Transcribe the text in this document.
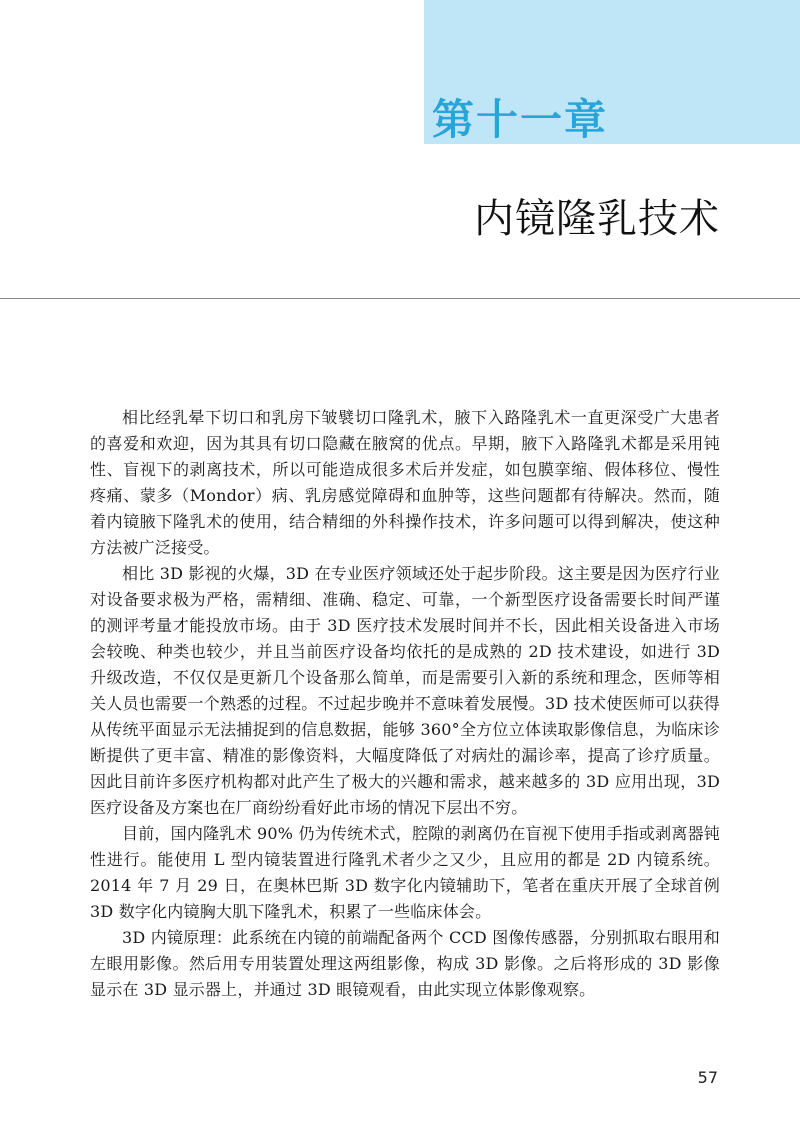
第十一章
内镜隆乳技术

相比经乳晕下切口和乳房下皱襞切口隆乳术，腋下入路隆乳术一直更深受广大患者的喜爱和欢迎，因为其具有切口隐藏在腋窝的优点。早期，腋下入路隆乳术都是采用钝性、盲视下的剥离技术，所以可能造成很多术后并发症，如包膜挛缩、假体移位、慢性疼痛、蒙多（Mondor）病、乳房感觉障碍和血肿等，这些问题都有待解决。然而，随着内镜腋下隆乳术的使用，结合精细的外科操作技术，许多问题可以得到解决，使这种方法被广泛接受。

相比 3D 影视的火爆，3D 在专业医疗领域还处于起步阶段。这主要是因为医疗行业对设备要求极为严格，需精细、准确、稳定、可靠，一个新型医疗设备需要长时间严谨的测评考量才能投放市场。由于 3D 医疗技术发展时间并不长，因此相关设备进入市场会较晚、种类也较少，并且当前医疗设备均依托的是成熟的 2D 技术建设，如进行 3D 升级改造，不仅仅是更新几个设备那么简单，而是需要引入新的系统和理念，医师等相关人员也需要一个熟悉的过程。不过起步晚并不意味着发展慢。3D 技术使医师可以获得从传统平面显示无法捕捉到的信息数据，能够 360°全方位立体读取影像信息，为临床诊断提供了更丰富、精准的影像资料，大幅度降低了对病灶的漏诊率，提高了诊疗质量。因此目前许多医疗机构都对此产生了极大的兴趣和需求，越来越多的 3D 应用出现，3D 医疗设备及方案也在厂商纷纷看好此市场的情况下层出不穷。

目前，国内隆乳术 90% 仍为传统术式，腔隙的剥离仍在盲视下使用手指或剥离器钝性进行。能使用 L 型内镜装置进行隆乳术者少之又少，且应用的都是 2D 内镜系统。2014 年 7 月 29 日，在奥林巴斯 3D 数字化内镜辅助下，笔者在重庆开展了全球首例 3D 数字化内镜胸大肌下隆乳术，积累了一些临床体会。

3D 内镜原理：此系统在内镜的前端配备两个 CCD 图像传感器，分别抓取右眼用和左眼用影像。然后用专用装置处理这两组影像，构成 3D 影像。之后将形成的 3D 影像显示在 3D 显示器上，并通过 3D 眼镜观看，由此实现立体影像观察。

57
